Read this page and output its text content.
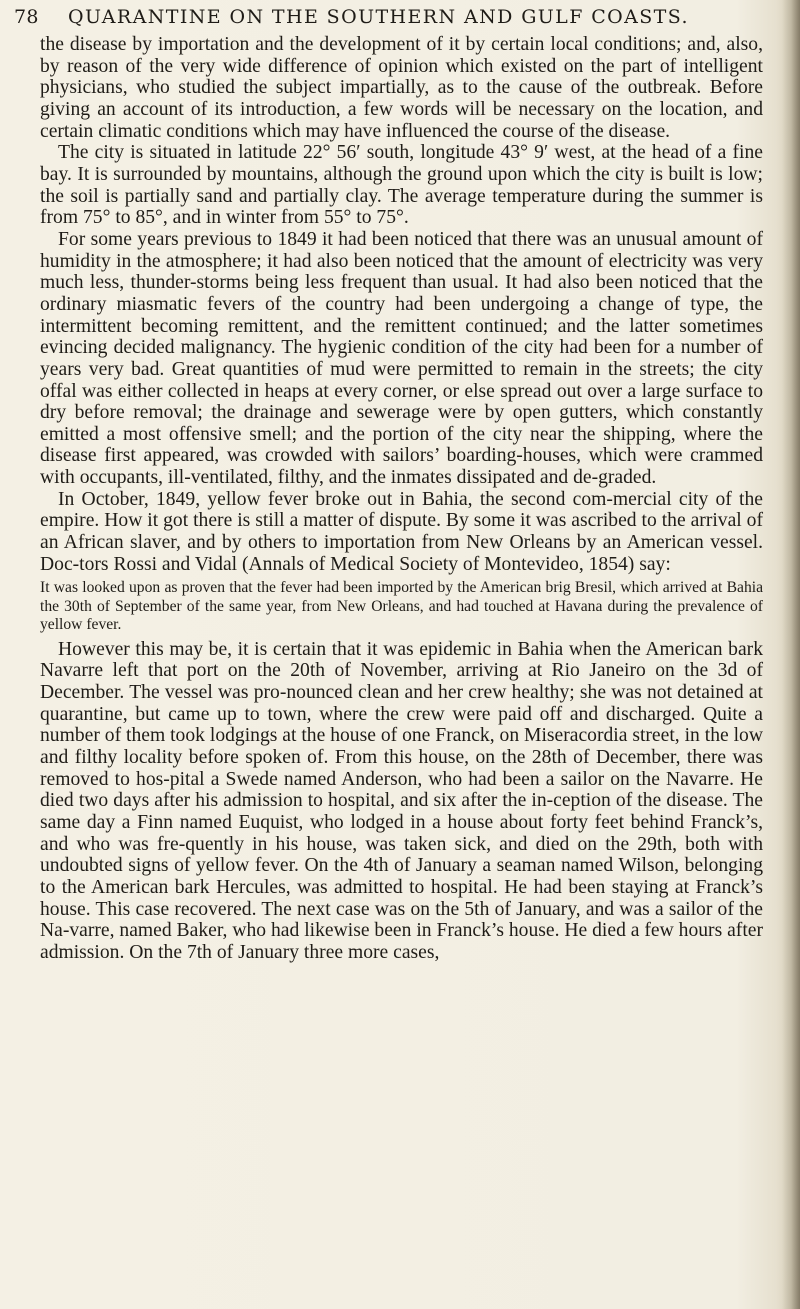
78 QUARANTINE ON THE SOUTHERN AND GULF COASTS.

the disease by importation and the development of it by certain local conditions; and, also, by reason of the very wide difference of opinion which existed on the part of intelligent physicians, who studied the subject impartially, as to the cause of the outbreak. Before giving an account of its introduction, a few words will be necessary on the location, and certain climatic conditions which may have influenced the course of the disease.

The city is situated in latitude 22° 56′ south, longitude 43° 9′ west, at the head of a fine bay. It is surrounded by mountains, although the ground upon which the city is built is low; the soil is partially sand and partially clay. The average temperature during the summer is from 75° to 85°, and in winter from 55° to 75°.

For some years previous to 1849 it had been noticed that there was an unusual amount of humidity in the atmosphere; it had also been noticed that the amount of electricity was very much less, thunder-storms being less frequent than usual. It had also been noticed that the ordinary miasmatic fevers of the country had been undergoing a change of type, the intermittent becoming remittent, and the remittent continued; and the latter sometimes evincing decided malignancy. The hygienic condition of the city had been for a number of years very bad. Great quantities of mud were permitted to remain in the streets; the city offal was either collected in heaps at every corner, or else spread out over a large surface to dry before removal; the drainage and sewerage were by open gutters, which constantly emitted a most offensive smell; and the portion of the city near the shipping, where the disease first appeared, was crowded with sailors’ boarding-houses, which were crammed with occupants, ill-ventilated, filthy, and the inmates dissipated and de-graded.

In October, 1849, yellow fever broke out in Bahia, the second com-mercial city of the empire. How it got there is still a matter of dispute. By some it was ascribed to the arrival of an African slaver, and by others to importation from New Orleans by an American vessel. Doc-tors Rossi and Vidal (Annals of Medical Society of Montevideo, 1854) say:

It was looked upon as proven that the fever had been imported by the American brig Bresil, which arrived at Bahia the 30th of September of the same year, from New Orleans, and had touched at Havana during the prevalence of yellow fever.

However this may be, it is certain that it was epidemic in Bahia when the American bark Navarre left that port on the 20th of November, arriving at Rio Janeiro on the 3d of December. The vessel was pro-nounced clean and her crew healthy; she was not detained at quarantine, but came up to town, where the crew were paid off and discharged. Quite a number of them took lodgings at the house of one Franck, on Miseracordia street, in the low and filthy locality before spoken of. From this house, on the 28th of December, there was removed to hos-pital a Swede named Anderson, who had been a sailor on the Navarre. He died two days after his admission to hospital, and six after the in-ception of the disease. The same day a Finn named Euquist, who lodged in a house about forty feet behind Franck’s, and who was fre-quently in his house, was taken sick, and died on the 29th, both with undoubted signs of yellow fever. On the 4th of January a seaman named Wilson, belonging to the American bark Hercules, was admitted to hospital. He had been staying at Franck’s house. This case recovered. The next case was on the 5th of January, and was a sailor of the Na-varre, named Baker, who had likewise been in Franck’s house. He died a few hours after admission. On the 7th of January three more cases,
